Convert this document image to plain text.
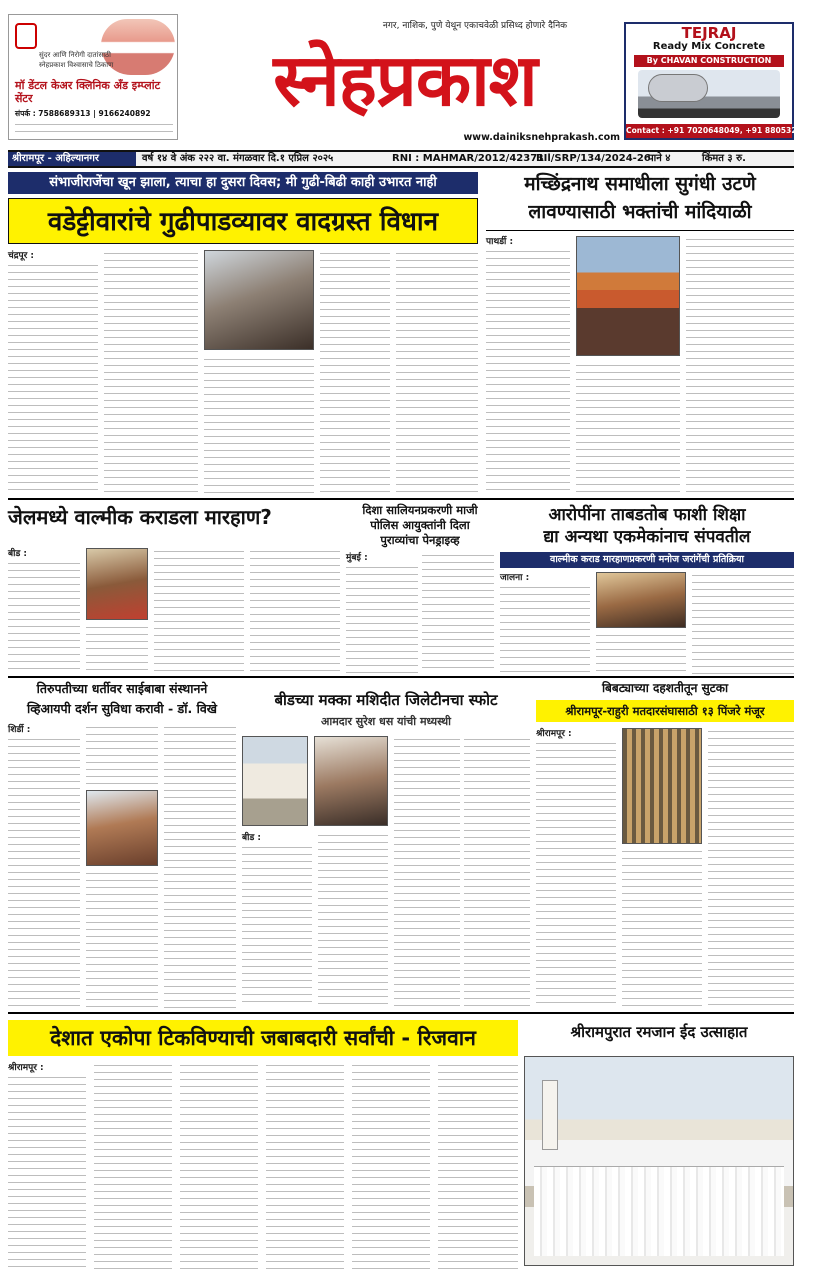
सुंदर आणि निरोगी दातांसाठी
स्नेहप्रकाश विश्वासाचे ठिकाण
मॉ डेंटल केअर क्लिनिक अँड इम्प्लांट सेंटर
संपर्क : 7588689313 | 9166240892
नगर, नाशिक, पुणे येथून एकाचवेळी प्रसिध्द होणारे दैनिक
स्नेहप्रकाश
www.dainiksnehprakash.com
TEJRAJ
Ready Mix Concrete
By CHAVAN CONSTRUCTION
Contact : +91 7020648049, +91 8805325932
श्रीरामपूर - अहिल्यानगर	वर्ष १४ वे अंक २२२ वा. मंगळवार दि.१ एप्रिल २०२५	RNI : MAHMAR/2012/42371
BIl/SRP/134/2024-26
पाने ४	किंमत ३ रु.
संभाजीराजेंचा खून झाला, त्याचा हा दुसरा दिवस; मी गुढी-बिढी काही उभारत नाही
वडेट्टीवारांचे गुढीपाडव्यावर वादग्रस्त विधान
चंद्रपूर :
मच्छिंद्रनाथ समाधीला सुगंधी उटणे
लावण्यासाठी भक्तांची मांदियाळी
पाथर्डी :
जेलमध्ये वाल्मीक कराडला मारहाण?
बीड :
दिशा सालियनप्रकरणी माजी
पोलिस आयुक्तांनी दिला
पुराव्यांचा पेनड्राइव्ह
मुंबई :
आरोपींना ताबडतोब फाशी शिक्षा
द्या अन्यथा एकमेकांनाच संपवतील
वाल्मीक कराड मारहाणप्रकरणी मनोज जरांगेंची प्रतिक्रिया
जालना :
तिरुपतीच्या धर्तीवर साईबाबा संस्थानने
व्हिआयपी दर्शन सुविधा करावी - डॉ. विखे
शिर्डी :
बीडच्या मक्का मशिदीत जिलेटीनचा स्फोट
आमदार सुरेश धस यांची मध्यस्थी
बीड :
बिबट्याच्या दहशतीतून सुटका
श्रीरामपूर-राहुरी मतदारसंघासाठी १३ पिंजरे मंजूर
श्रीरामपूर :
देशात एकोपा टिकविण्याची जबाबदारी सर्वांची - रिजवान
श्रीरामपूर :
श्रीरामपुरात रमजान ईद उत्साहात
